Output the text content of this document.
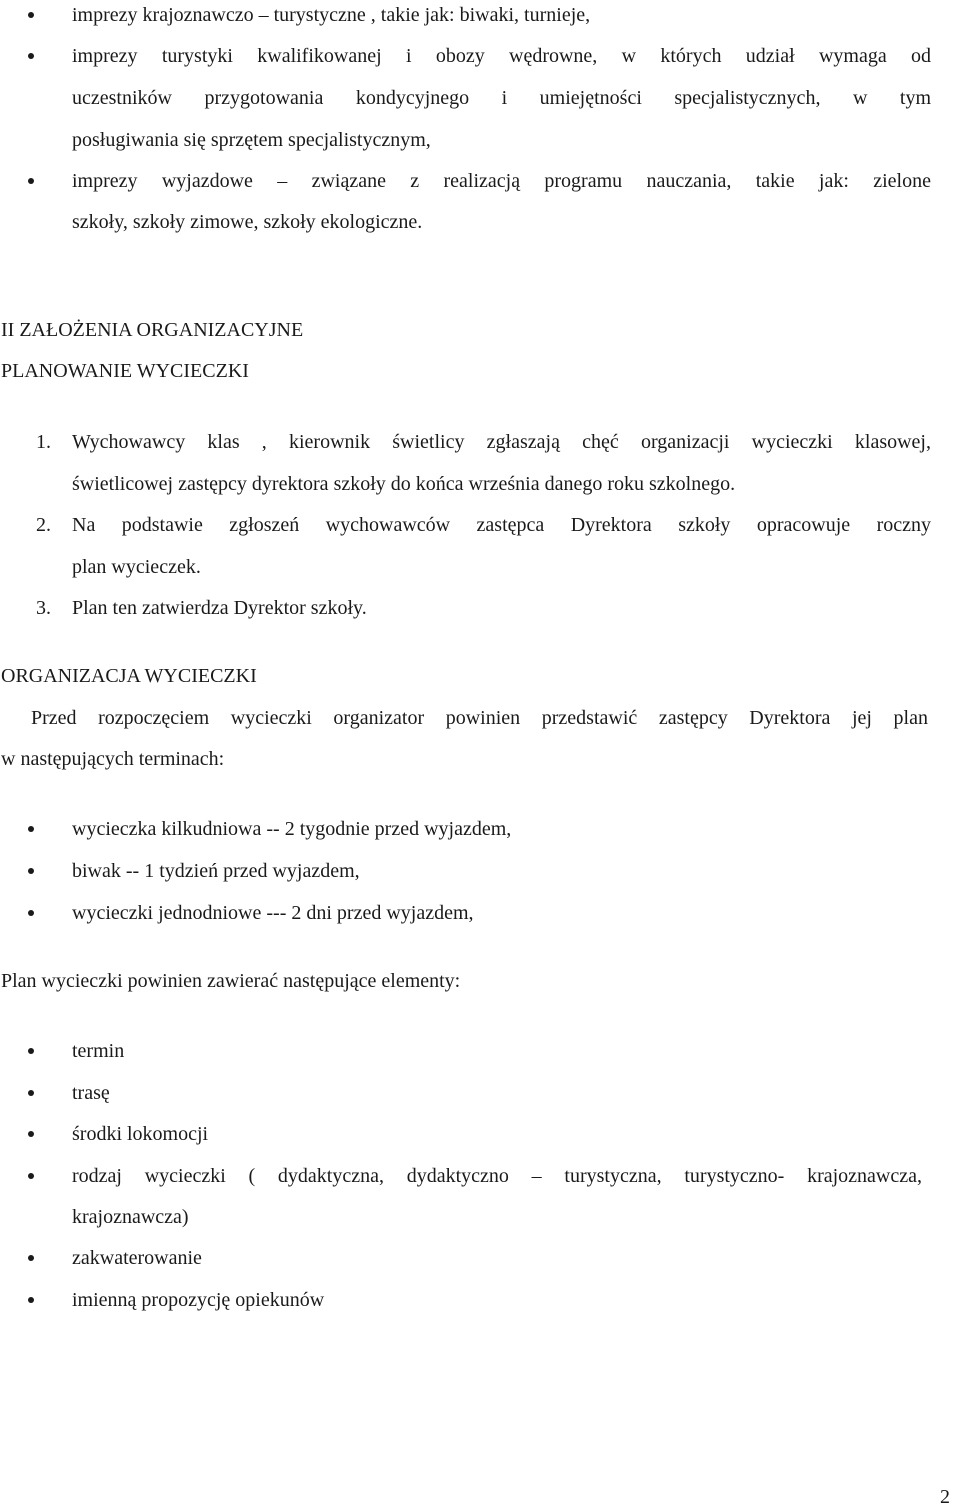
imprezy krajoznawczo – turystyczne , takie jak: biwaki, turnieje,
imprezy turystyki kwalifikowanej i obozy wędrowne, w których udział wymaga od
uczestników przygotowania kondycyjnego i umiejętności specjalistycznych, w tym
posługiwania się sprzętem specjalistycznym,
imprezy wyjazdowe – związane z realizacją programu nauczania, takie jak: zielone
szkoły, szkoły zimowe, szkoły ekologiczne.
II ZAŁOŻENIA ORGANIZACYJNE
PLANOWANIE WYCIECZKI
1. Wychowawcy klas , kierownik świetlicy zgłaszają chęć organizacji wycieczki klasowej,
świetlicowej zastępcy dyrektora szkoły do końca września danego roku szkolnego.
2. Na podstawie zgłoszeń wychowawców zastępca Dyrektora szkoły opracowuje roczny
plan wycieczek.
3. Plan ten zatwierdza Dyrektor szkoły.
ORGANIZACJA WYCIECZKI
Przed rozpoczęciem wycieczki organizator powinien przedstawić zastępcy Dyrektora jej plan
w następujących terminach:
wycieczka kilkudniowa -- 2 tygodnie przed wyjazdem,
biwak -- 1 tydzień przed wyjazdem,
wycieczki jednodniowe --- 2 dni przed wyjazdem,
Plan wycieczki powinien zawierać następujące elementy:
termin
trasę
środki lokomocji
rodzaj wycieczki ( dydaktyczna, dydaktyczno – turystyczna, turystyczno- krajoznawcza,
krajoznawcza)
zakwaterowanie
imienną propozycję opiekunów
2
